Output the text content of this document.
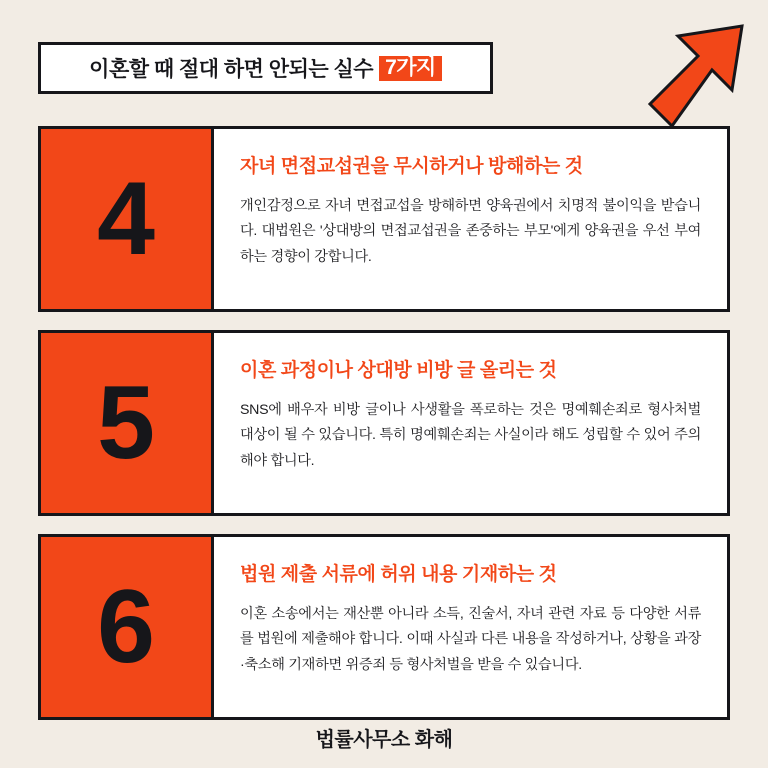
이혼할 때 절대 하면 안되는 실수 7가지
4	자녀 면접교섭권을 무시하거나 방해하는 것
개인감정으로 자녀 면접교섭을 방해하면 양육권에서 치명적 불이익을 받습니다. 대법원은 '상대방의 면접교섭권을 존중하는 부모'에게 양육권을 우선 부여하는 경향이 강합니다.
5	이혼 과정이나 상대방 비방 글 올리는 것
SNS에 배우자 비방 글이나 사생활을 폭로하는 것은 명예훼손죄로 형사처벌 대상이 될 수 있습니다. 특히 명예훼손죄는 사실이라 해도 성립할 수 있어 주의해야 합니다.
6	법원 제출 서류에 허위 내용 기재하는 것
이혼 소송에서는 재산뿐 아니라 소득, 진술서, 자녀 관련 자료 등 다양한 서류를 법원에 제출해야 합니다. 이때 사실과 다른 내용을 작성하거나, 상황을 과장·축소해 기재하면 위증죄 등 형사처벌을 받을 수 있습니다.
법률사무소 화해
